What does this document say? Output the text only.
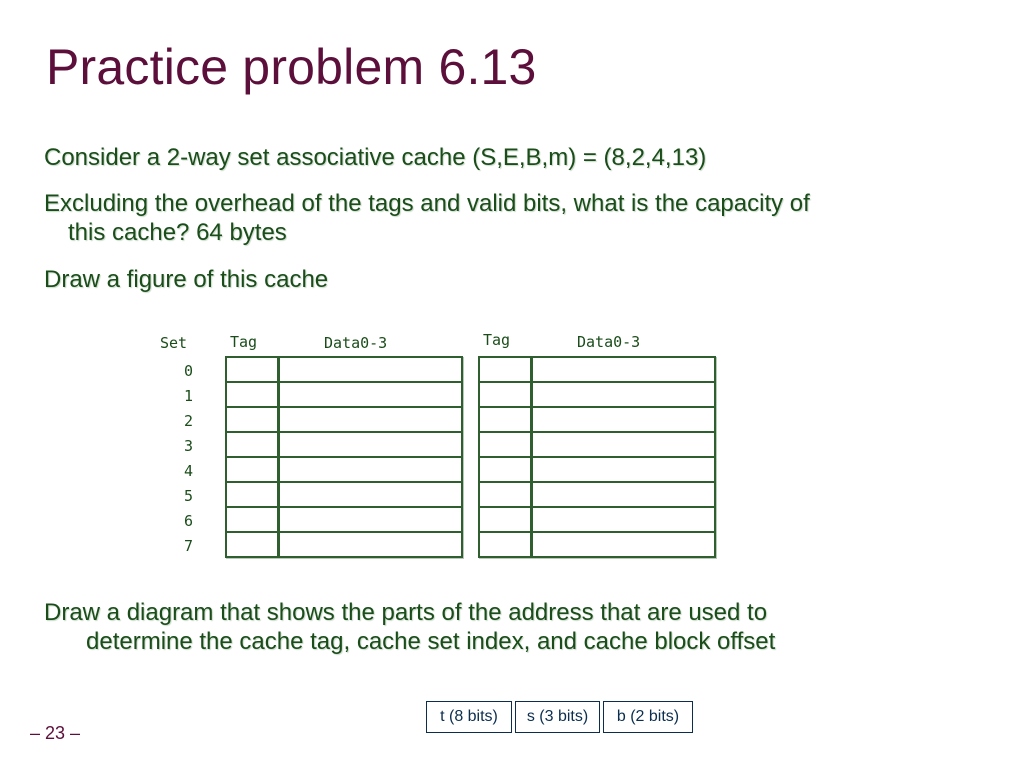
Practice problem 6.13
Consider a 2-way set associative cache (S,E,B,m) = (8,2,4,13)
Excluding the overhead of the tags and valid bits, what is the capacity of
this cache? 64 bytes
Draw a figure of this cache
Set	Tag	Data0-3	Tag	Data0-3
0
1
2
3
4
5
6
7
Draw a diagram that shows the parts of the address that are used to
determine the cache tag, cache set index, and cache block offset
t (8 bits)	s (3 bits)	b (2 bits)
– 23 –
